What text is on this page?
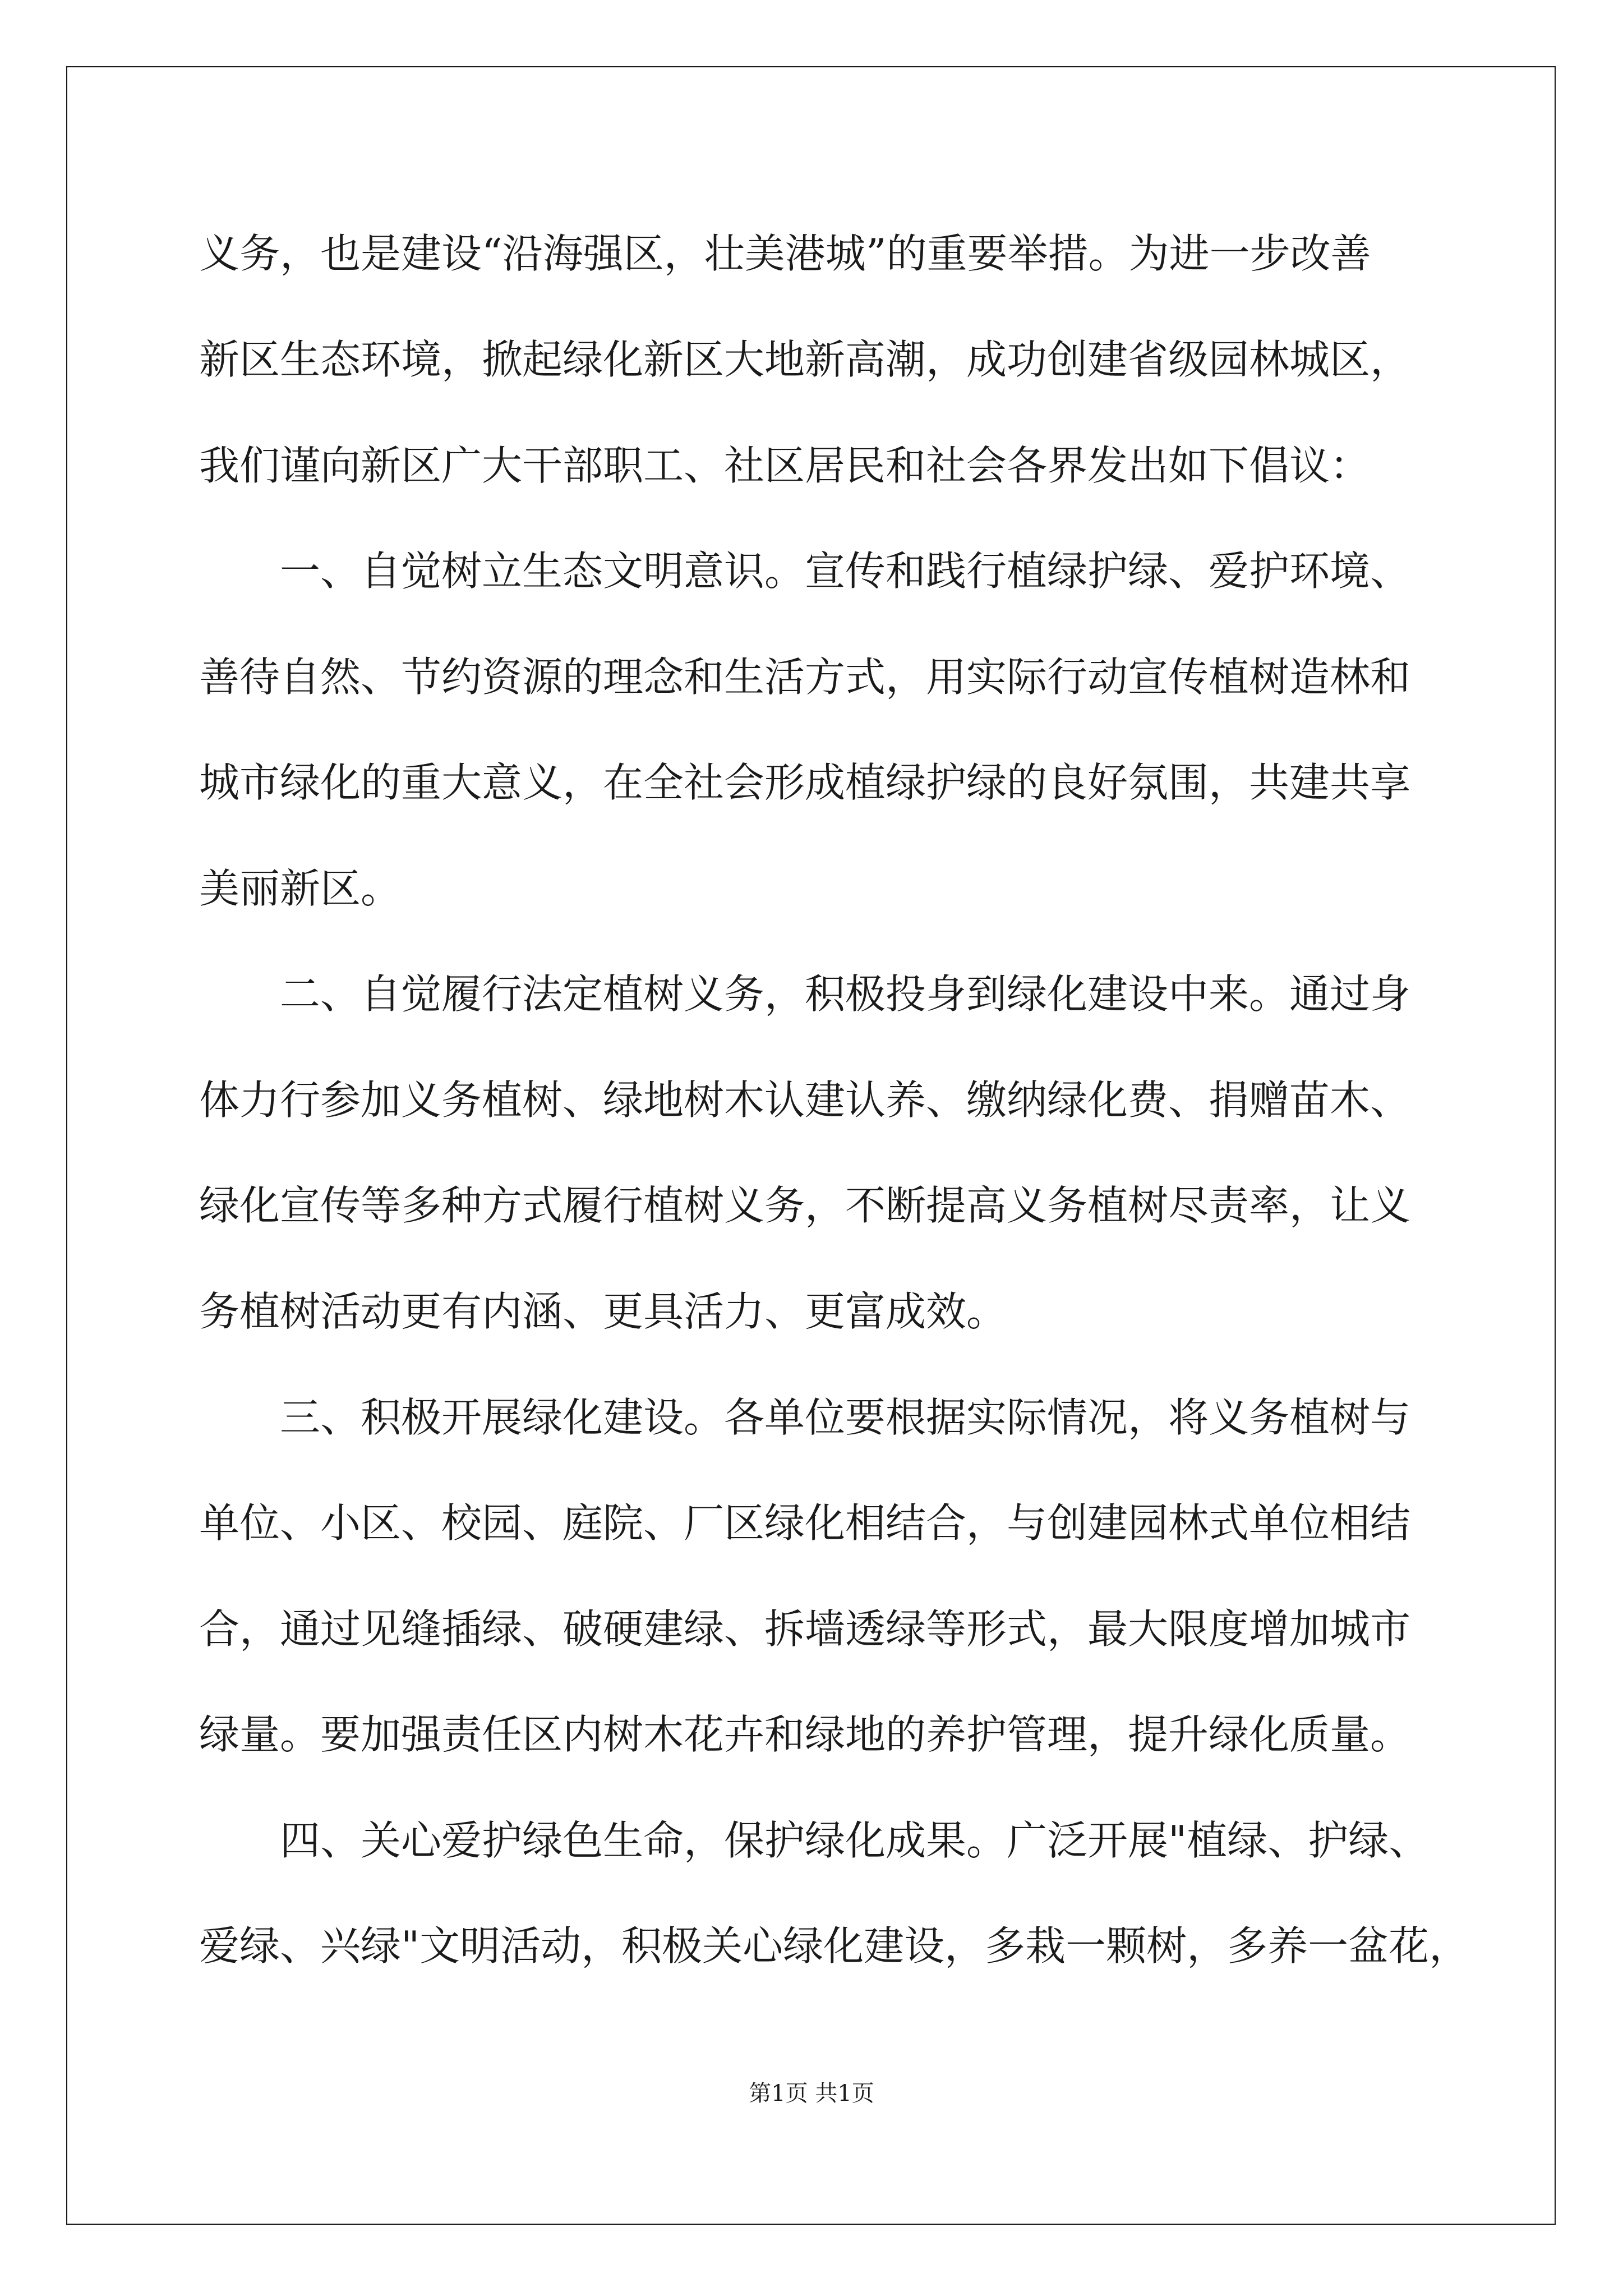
义务，也是建设“沿海强区，壮美港城”的重要举措。为进一步改善
新区生态环境，掀起绿化新区大地新高潮，成功创建省级园林城区，
我们谨向新区广大干部职工、社区居民和社会各界发出如下倡议：
一、自觉树立生态文明意识。宣传和践行植绿护绿、爱护环境、
善待自然、节约资源的理念和生活方式，用实际行动宣传植树造林和
城市绿化的重大意义，在全社会形成植绿护绿的良好氛围，共建共享
美丽新区。
二、自觉履行法定植树义务，积极投身到绿化建设中来。通过身
体力行参加义务植树、绿地树木认建认养、缴纳绿化费、捐赠苗木、
绿化宣传等多种方式履行植树义务，不断提高义务植树尽责率，让义
务植树活动更有内涵、更具活力、更富成效。
三、积极开展绿化建设。各单位要根据实际情况，将义务植树与
单位、小区、校园、庭院、厂区绿化相结合，与创建园林式单位相结
合，通过见缝插绿、破硬建绿、拆墙透绿等形式，最大限度增加城市
绿量。要加强责任区内树木花卉和绿地的养护管理，提升绿化质量。
四、关心爱护绿色生命，保护绿化成果。广泛开展"植绿、护绿、
爱绿、兴绿"文明活动，积极关心绿化建设，多栽一颗树，多养一盆花，
第1页 共1页
